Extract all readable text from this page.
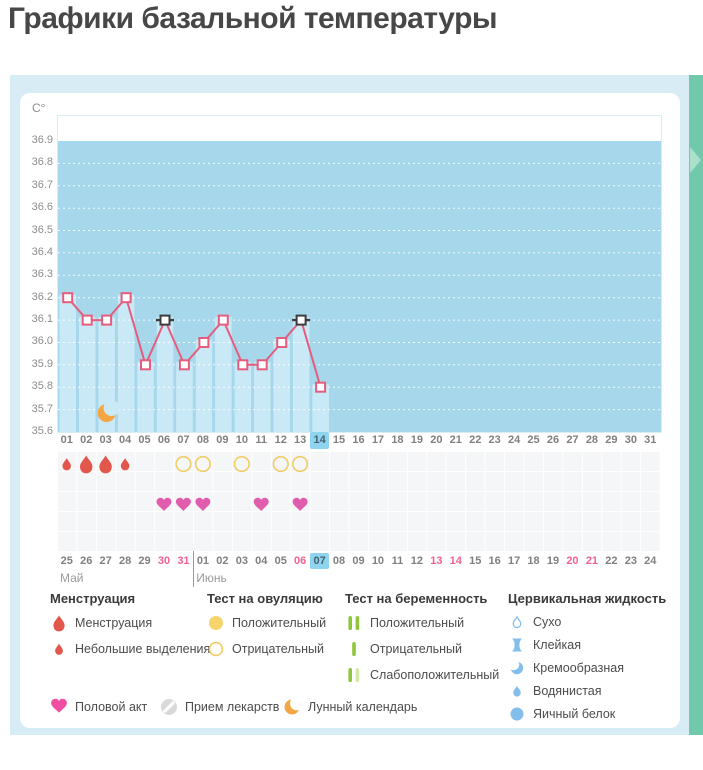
Графики базальной температуры
C°
36.9
36.8
36.7
36.6
36.5
36.4
36.3
36.2
36.1
36.0
35.9
35.8
35.7
35.6
01 02 03 04 05 06 07 08 09 10 11 12 13 14 15 16 17 18 19 20 21 22 23 24 25 26 27 28 29 30 31
25 26 27 28 29 30 31
Май
01 02 03 04 05 06 07 08 09 10 11 12 13 14 15 16 17 18 19 20 21 22 23 24
Июнь
Менструация
Менструация
Небольшие выделения
Тест на овуляцию
Положительный
Отрицательный
Тест на беременность
Положительный
Отрицательный
Слабоположительный
Цервикальная жидкость
Сухо
Клейкая
Кремообразная
Водянистая
Яичный белок
Половой акт	Прием лекарств Лунный календарь
